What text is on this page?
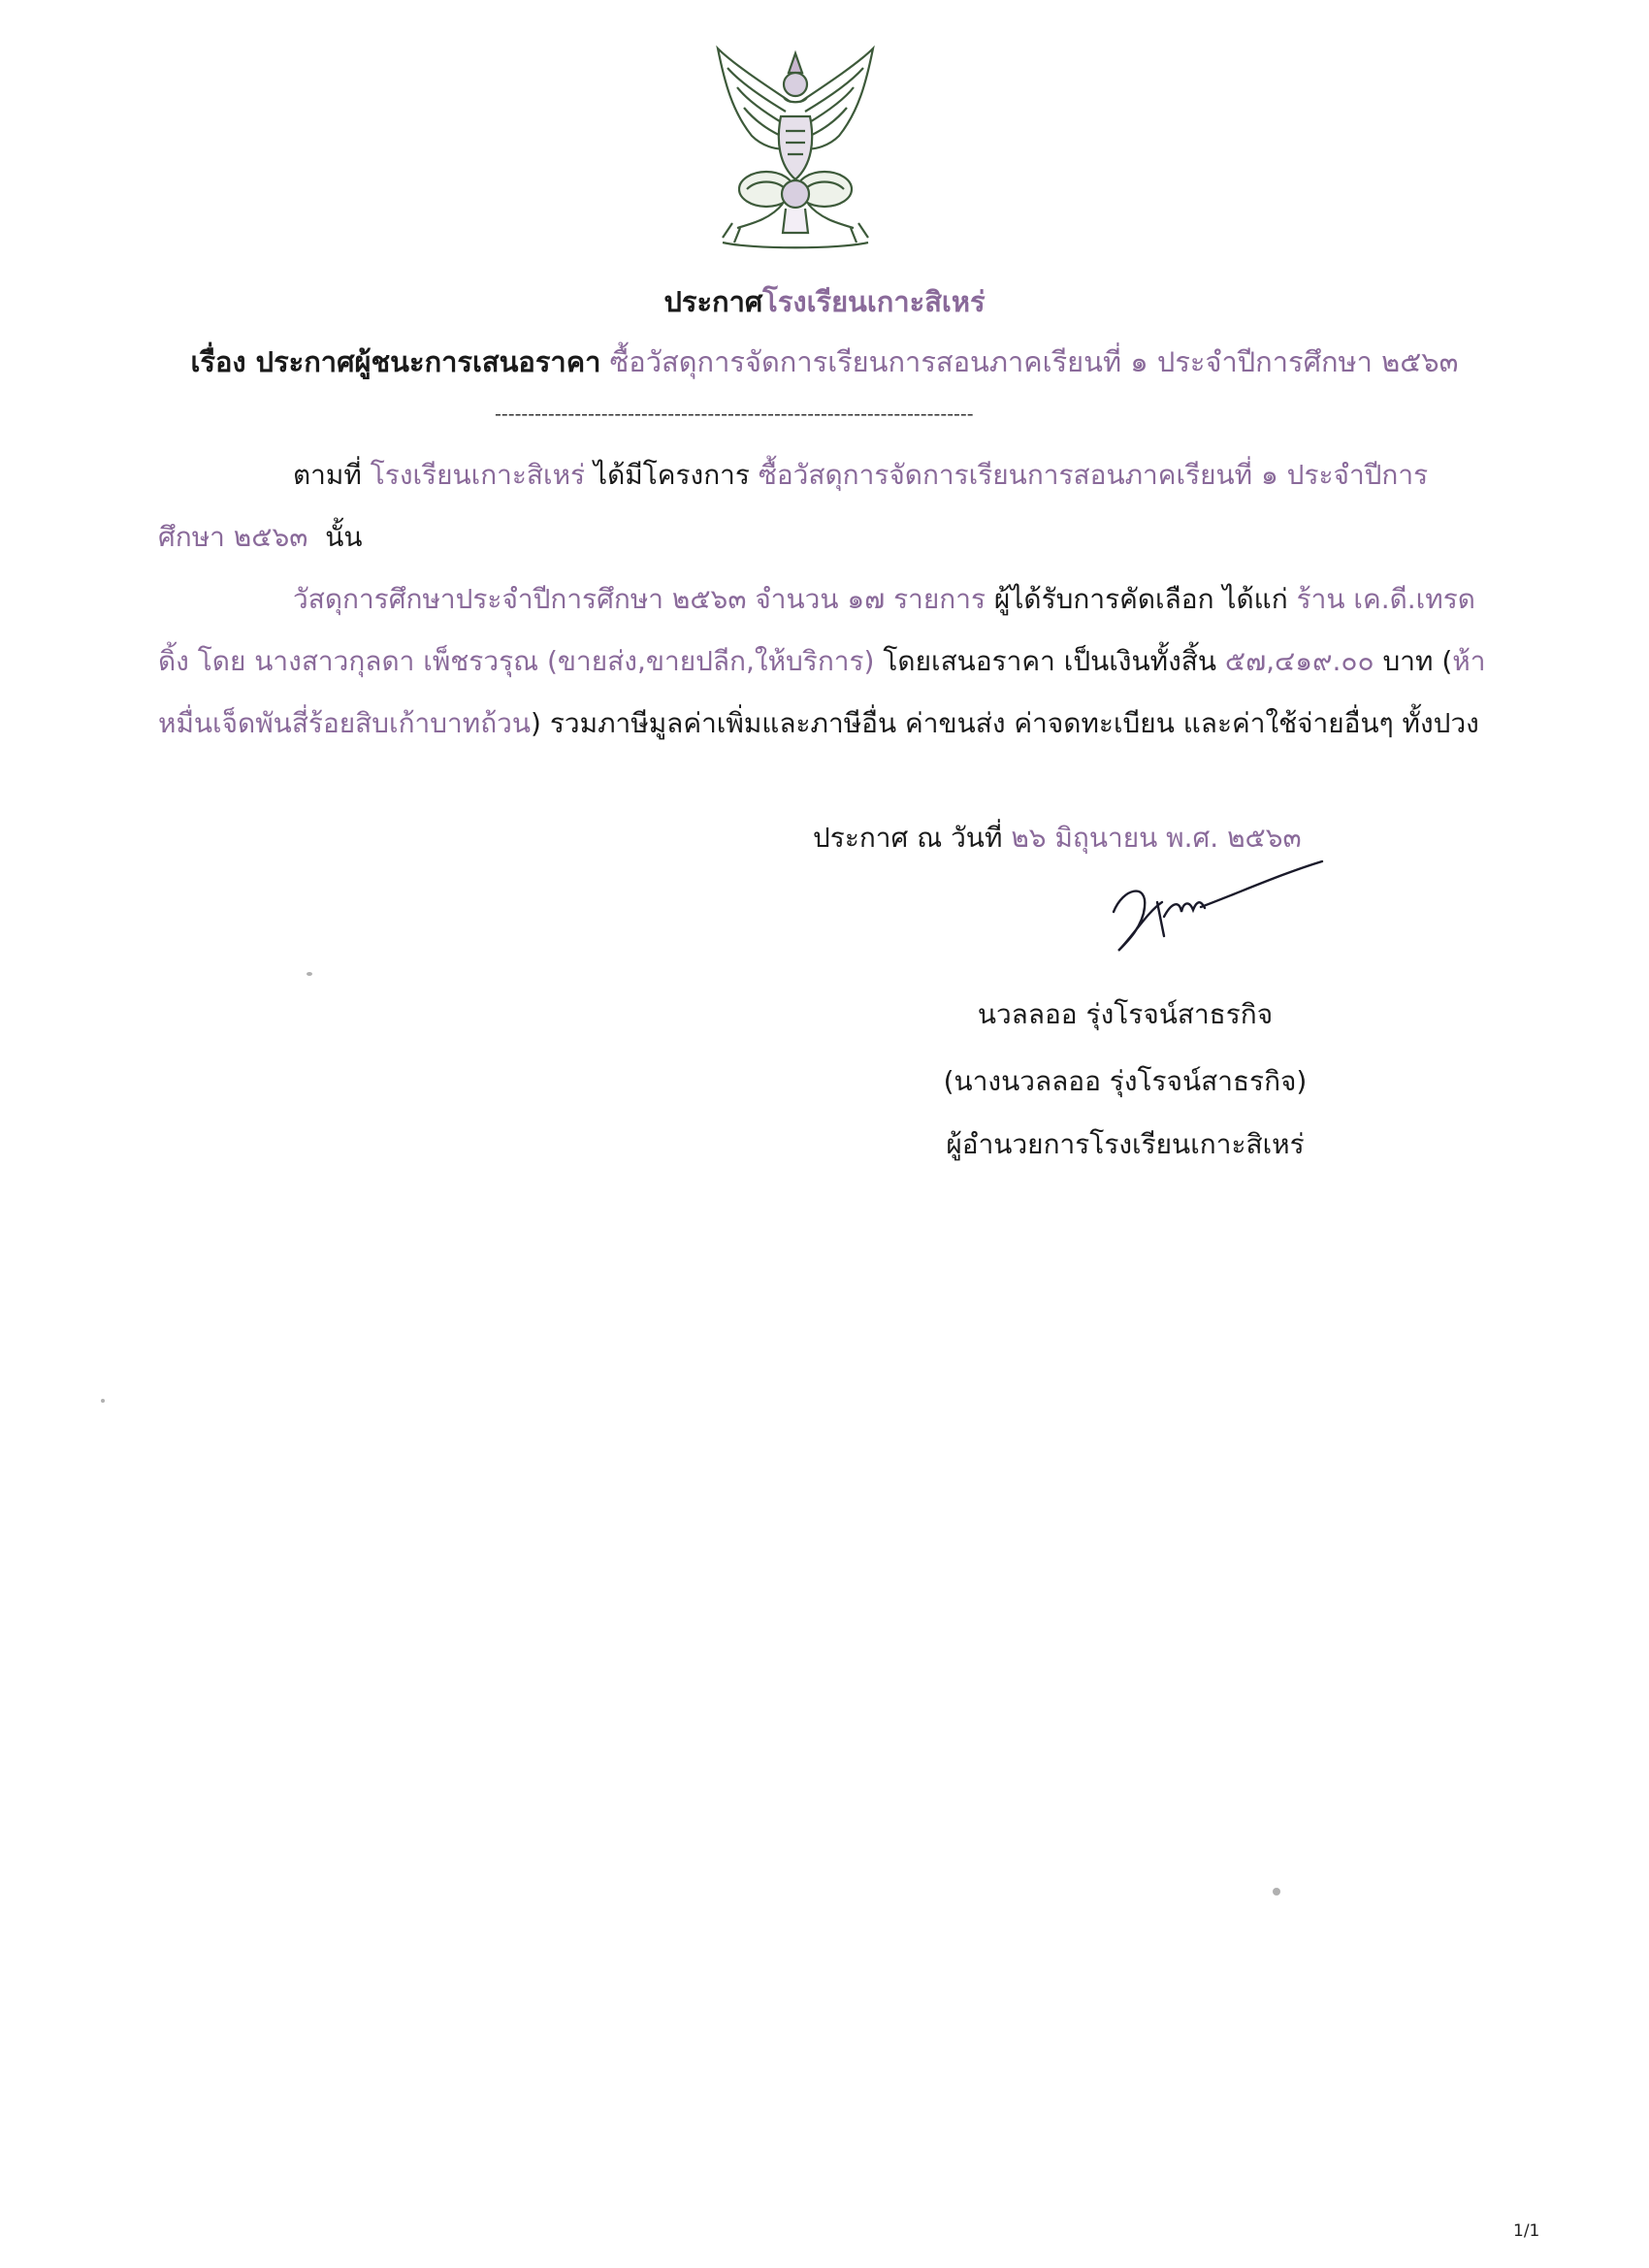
ประกาศโรงเรียนเกาะสิเหร่
เรื่อง ประกาศผู้ชนะการเสนอราคา ซื้อวัสดุการจัดการเรียนการสอนภาคเรียนที่ ๑ ประจำปีการศึกษา ๒๕๖๓
------------------------------------------------------------------------
ตามที่ โรงเรียนเกาะสิเหร่ ได้มีโครงการ ซื้อวัสดุการจัดการเรียนการสอนภาคเรียนที่ ๑ ประจำปีการ
ศึกษา ๒๕๖๓ นั้น
วัสดุการศึกษาประจำปีการศึกษา ๒๕๖๓ จำนวน ๑๗ รายการ ผู้ได้รับการคัดเลือก ได้แก่ ร้าน เค.ดี.เทรด
ดิ้ง โดย นางสาวกุลดา เพ็ชรวรุณ (ขายส่ง,ขายปลีก,ให้บริการ) โดยเสนอราคา เป็นเงินทั้งสิ้น ๕๗,๔๑๙.๐๐ บาท (ห้า
หมื่นเจ็ดพันสี่ร้อยสิบเก้าบาทถ้วน) รวมภาษีมูลค่าเพิ่มและภาษีอื่น ค่าขนส่ง ค่าจดทะเบียน และค่าใช้จ่ายอื่นๆ ทั้งปวง
ประกาศ ณ วันที่ ๒๖ มิถุนายน พ.ศ. ๒๕๖๓
นวลลออ รุ่งโรจน์สาธรกิจ
(นางนวลลออ รุ่งโรจน์สาธรกิจ)
ผู้อำนวยการโรงเรียนเกาะสิเหร่
1/1
